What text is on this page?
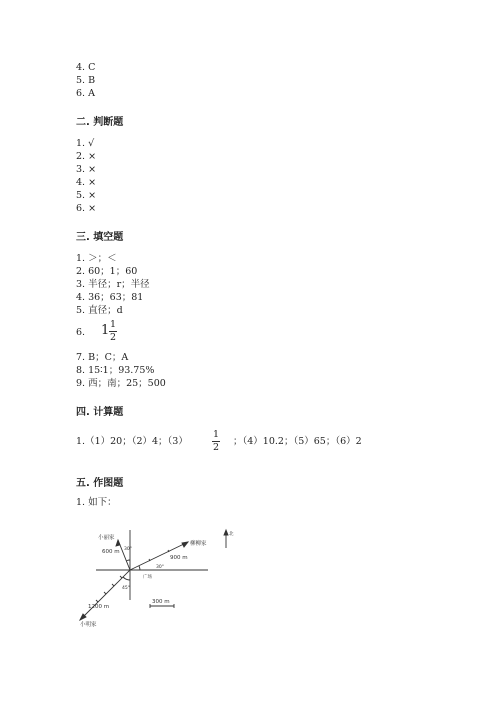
4. C
5. B
6. A
二. 判断题
1. √
2. ×
3. ×
4. ×
5. ×
6. ×
三. 填空题
1. ＞；＜
2. 60；1；60
3. 半径；r；半径
4. 36；63；81
5. 直径；d
6. 1 1
2
7. B；C；A
8. 15∶1；93.75%
9. 西；南；25；500
四. 计算题
1.（1）20；（2）4；（3）
1
2
；（4）10.2；（5）65；（6）2
五. 作图题
1. 如下：
小丽家
600 m 30°
30°
900 m
柳柳家
北
广场
45°
300 m
1200 m
小明家
